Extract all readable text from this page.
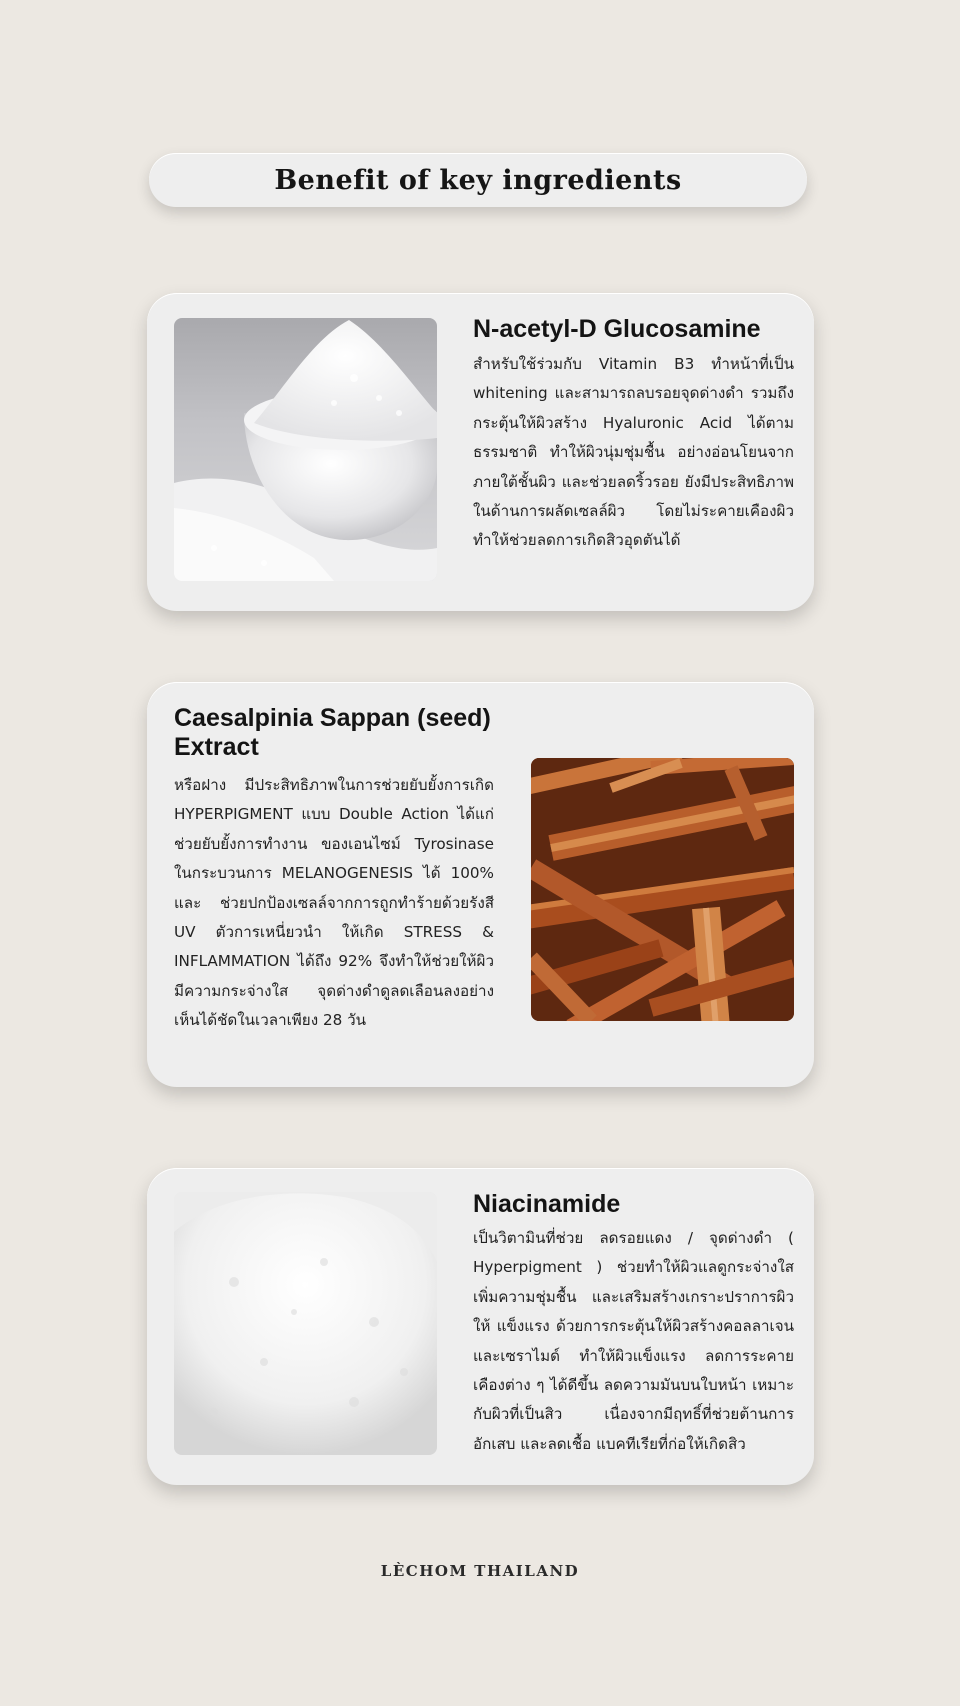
Benefit of key ingredients
N-acetyl-D Glucosamine
สำหรับใช้ร่วมกับ Vitamin B3 ทำหน้าที่เป็น whitening และสามารถลบรอยจุดด่างดำ รวมถึงกระตุ้นให้ผิวสร้าง Hyaluronic Acid ได้ตามธรรมชาติ ทำให้ผิวนุ่มชุ่มชื้น อย่างอ่อนโยนจากภายใต้ชั้นผิว และช่วยลดริ้วรอย ยังมีประสิทธิภาพ ในด้านการผลัดเซลล์ผิว โดยไม่ระคายเคืองผิว ทำให้ช่วยลดการเกิดสิวอุดตันได้
Caesalpinia Sappan (seed) Extract
หรือฝาง มีประสิทธิภาพในการช่วยยับยั้งการเกิด HYPERPIGMENT แบบ Double Action ได้แก่ ช่วยยับยั้งการทำงาน ของเอนไซม์ Tyrosinase ในกระบวนการ MELANOGENESIS ได้ 100% และ ช่วยปกป้องเซลล์จากการถูกทำร้ายด้วยรังสี UV ตัวการเหนี่ยวนำ ให้เกิด STRESS & INFLAMMATION ได้ถึง 92% จึงทำให้ช่วยให้ผิวมีความกระจ่างใส จุดด่างดำดูลดเลือนลงอย่างเห็นได้ชัดในเวลาเพียง 28 วัน
Niacinamide
เป็นวิตามินที่ช่วย ลดรอยแดง / จุดด่างดำ ( Hyperpigment ) ช่วยทำให้ผิวแลดูกระจ่างใส เพิ่มความชุ่มชื้น และเสริมสร้างเกราะปราการผิวให้ แข็งแรง ด้วยการกระตุ้นให้ผิวสร้างคอลลาเจน และเซราไมด์ ทำให้ผิวแข็งแรง ลดการระคายเคืองต่าง ๆ ได้ดีขึ้น ลดความมันบนใบหน้า เหมาะกับผิวที่เป็นสิว เนื่องจากมีฤทธิ์ที่ช่วยต้านการอักเสบ และลดเชื้อ แบคทีเรียที่ก่อให้เกิดสิว
LÈCHOM THAILAND
